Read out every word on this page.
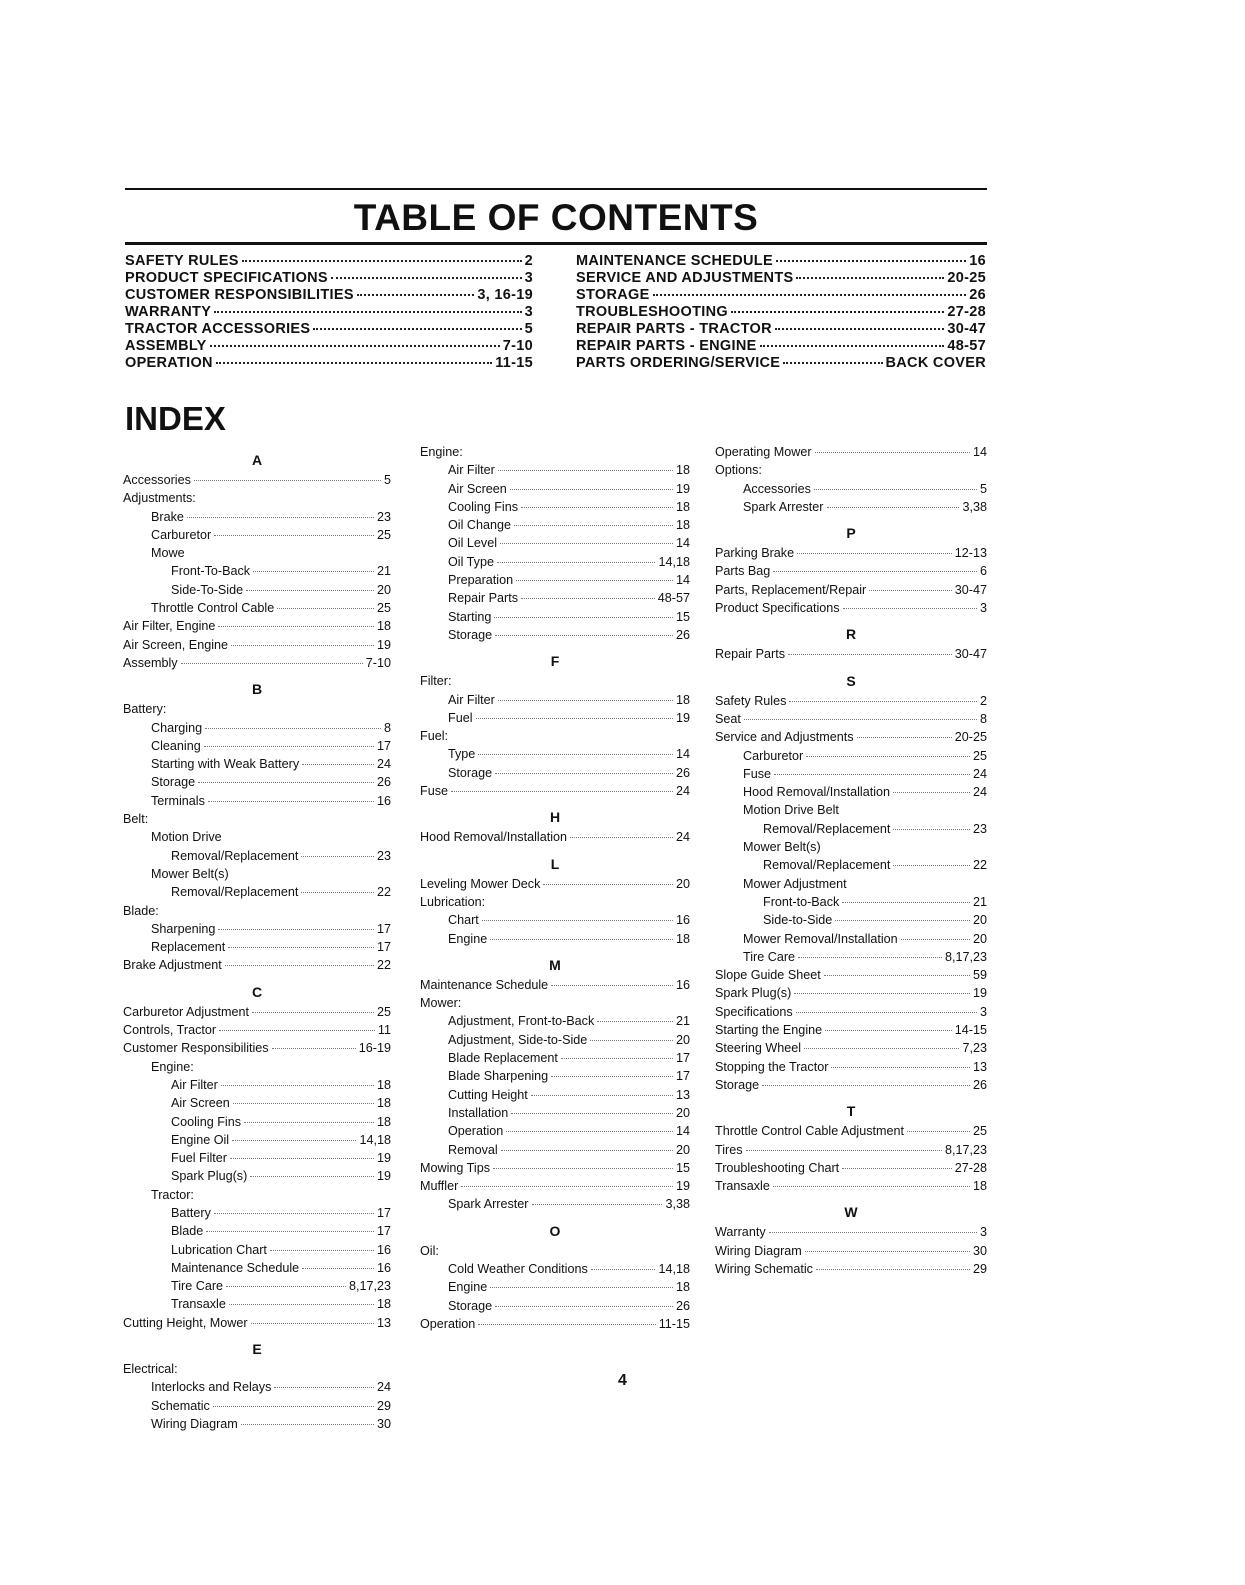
TABLE OF CONTENTS
SAFETY RULES	2
PRODUCT SPECIFICATIONS	3
CUSTOMER RESPONSIBILITIES	3, 16-19
WARRANTY	3
TRACTOR ACCESSORIES	5
ASSEMBLY	7-10
OPERATION	11-15
MAINTENANCE SCHEDULE	16
SERVICE AND ADJUSTMENTS	20-25
STORAGE	26
TROUBLESHOOTING	27-28
REPAIR PARTS - TRACTOR	30-47
REPAIR PARTS - ENGINE	48-57
PARTS ORDERING/SERVICE	BACK COVER
INDEX
A
Accessories	5
Adjustments:
Brake	23
Carburetor	25
Mowe
Front-To-Back	21
Side-To-Side	20
Throttle Control Cable	25
Air Filter, Engine	18
Air Screen, Engine	19
Assembly	7-10
B
Battery:
Charging	8
Cleaning	17
Starting with Weak Battery	24
Storage	26
Terminals	16
Belt:
Motion Drive
Removal/Replacement	23
Mower Belt(s)
Removal/Replacement	22
Blade:
Sharpening	17
Replacement	17
Brake Adjustment	22
C
Carburetor Adjustment	25
Controls, Tractor	11
Customer Responsibilities	16-19
Engine:
Air Filter	18
Air Screen	18
Cooling Fins	18
Engine Oil	14,18
Fuel Filter	19
Spark Plug(s)	19
Tractor:
Battery	17
Blade	17
Lubrication Chart	16
Maintenance Schedule	16
Tire Care	8,17,23
Transaxle	18
Cutting Height, Mower	13
E
Electrical:
Interlocks and Relays	24
Schematic	29
Wiring Diagram	30
Engine:
Air Filter	18
Air Screen	19
Cooling Fins	18
Oil Change	18
Oil Level	14
Oil Type	14,18
Preparation	14
Repair Parts	48-57
Starting	15
Storage	26
F
Filter:
Air Filter	18
Fuel	19
Fuel:
Type	14
Storage	26
Fuse	24
H
Hood Removal/Installation	24
L
Leveling Mower Deck	20
Lubrication:
Chart	16
Engine	18
M
Maintenance Schedule	16
Mower:
Adjustment, Front-to-Back	21
Adjustment, Side-to-Side	20
Blade Replacement	17
Blade Sharpening	17
Cutting Height	13
Installation	20
Operation	14
Removal	20
Mowing Tips	15
Muffler	19
Spark Arrester	3,38
O
Oil:
Cold Weather Conditions	14,18
Engine	18
Storage	26
Operation	11-15
Operating Mower	14
Options:
Accessories	5
Spark Arrester	3,38
P
Parking Brake	12-13
Parts Bag	6
Parts, Replacement/Repair	30-47
Product Specifications	3
R
Repair Parts	30-47
S
Safety Rules	2
Seat	8
Service and Adjustments	20-25
Carburetor	25
Fuse	24
Hood Removal/Installation	24
Motion Drive Belt
Removal/Replacement	23
Mower Belt(s)
Removal/Replacement	22
Mower Adjustment
Front-to-Back	21
Side-to-Side	20
Mower Removal/Installation	20
Tire Care	8,17,23
Slope Guide Sheet	59
Spark Plug(s)	19
Specifications	3
Starting the Engine	14-15
Steering Wheel	7,23
Stopping the Tractor	13
Storage	26
T
Throttle Control Cable Adjustment	25
Tires	8,17,23
Troubleshooting Chart	27-28
Transaxle	18
W
Warranty	3
Wiring Diagram	30
Wiring Schematic	29
4
